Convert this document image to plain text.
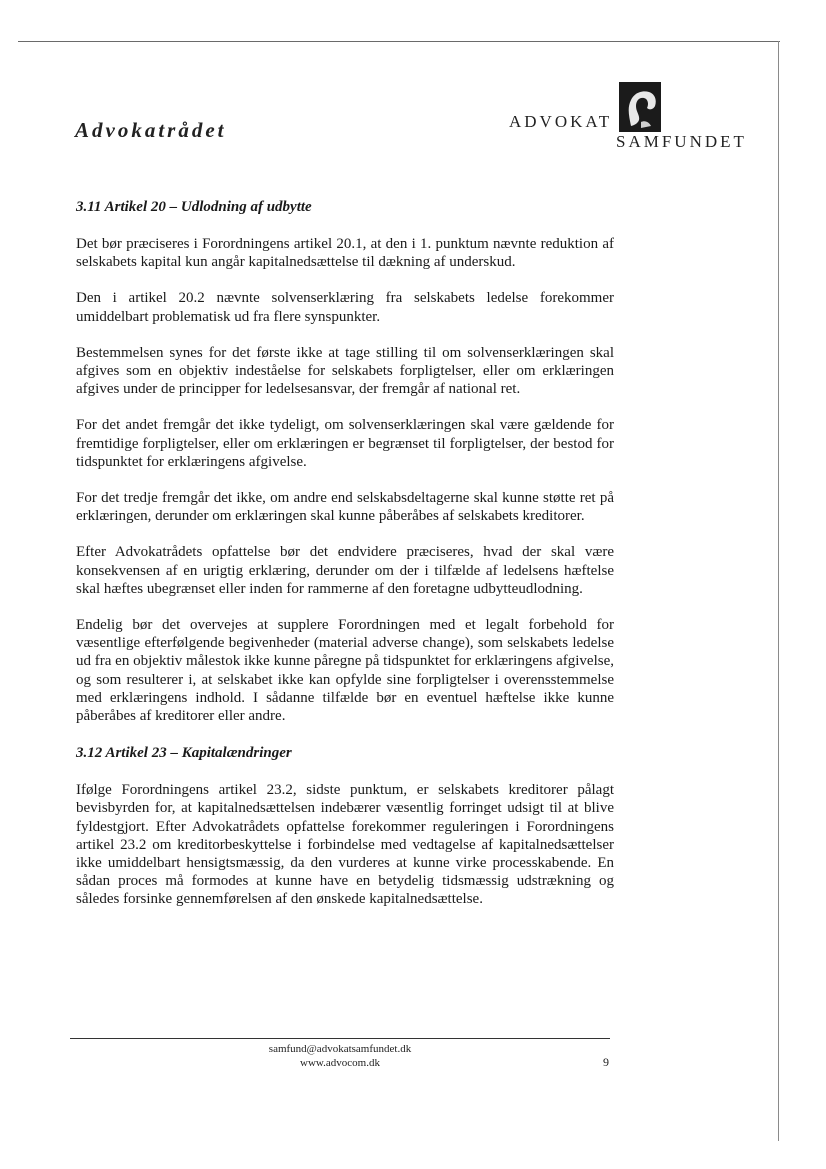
Advokatrådet	ADVOKAT
SAMFUNDET
3.11 Artikel 20 – Udlodning af udbytte

Det bør præciseres i Forordningens artikel 20.1, at den i 1. punktum nævnte reduktion af selskabets kapital kun angår kapitalnedsættelse til dækning af underskud.

Den i artikel 20.2 nævnte solvenserklæring fra selskabets ledelse forekommer umiddelbart problematisk ud fra flere synspunkter.

Bestemmelsen synes for det første ikke at tage stilling til om solvenserklæringen skal afgives som en objektiv indeståelse for selskabets forpligtelser, eller om erklæringen afgives under de principper for ledelsesansvar, der fremgår af national ret.

For det andet fremgår det ikke tydeligt, om solvenserklæringen skal være gældende for fremtidige forpligtelser, eller om erklæringen er begrænset til forpligtelser, der bestod for tidspunktet for erklæringens afgivelse.

For det tredje fremgår det ikke, om andre end selskabsdeltagerne skal kunne støtte ret på erklæringen, derunder om erklæringen skal kunne påberåbes af selskabets kreditorer.

Efter Advokatrådets opfattelse bør det endvidere præciseres, hvad der skal være konsekvensen af en urigtig erklæring, derunder om der i tilfælde af ledelsens hæftelse skal hæftes ubegrænset eller inden for rammerne af den foretagne udbytteudlodning.

Endelig bør det overvejes at supplere Forordningen med et legalt forbehold for væsentlige efterfølgende begivenheder (material adverse change), som selskabets ledelse ud fra en objektiv målestok ikke kunne påregne på tidspunktet for erklæringens afgivelse, og som resulterer i, at selskabet ikke kan opfylde sine forpligtelser i overensstemmelse med erklæringens indhold. I sådanne tilfælde bør en eventuel hæftelse ikke kunne påberåbes af kreditorer eller andre.

3.12 Artikel 23 – Kapitalændringer

Ifølge Forordningens artikel 23.2, sidste punktum, er selskabets kreditorer pålagt bevisbyrden for, at kapitalnedsættelsen indebærer væsentlig forringet udsigt til at blive fyldestgjort. Efter Advokatrådets opfattelse forekommer reguleringen i Forordningens artikel 23.2 om kreditorbeskyttelse i forbindelse med vedtagelse af kapitalnedsættelser ikke umiddelbart hensigtsmæssig, da den vurderes at kunne virke processkabende. En sådan proces må formodes at kunne have en betydelig tidsmæssig udstrækning og således forsinke gennemførelsen af den ønskede kapitalnedsættelse.

samfund@advokatsamfundet.dk
www.advocom.dk	9
